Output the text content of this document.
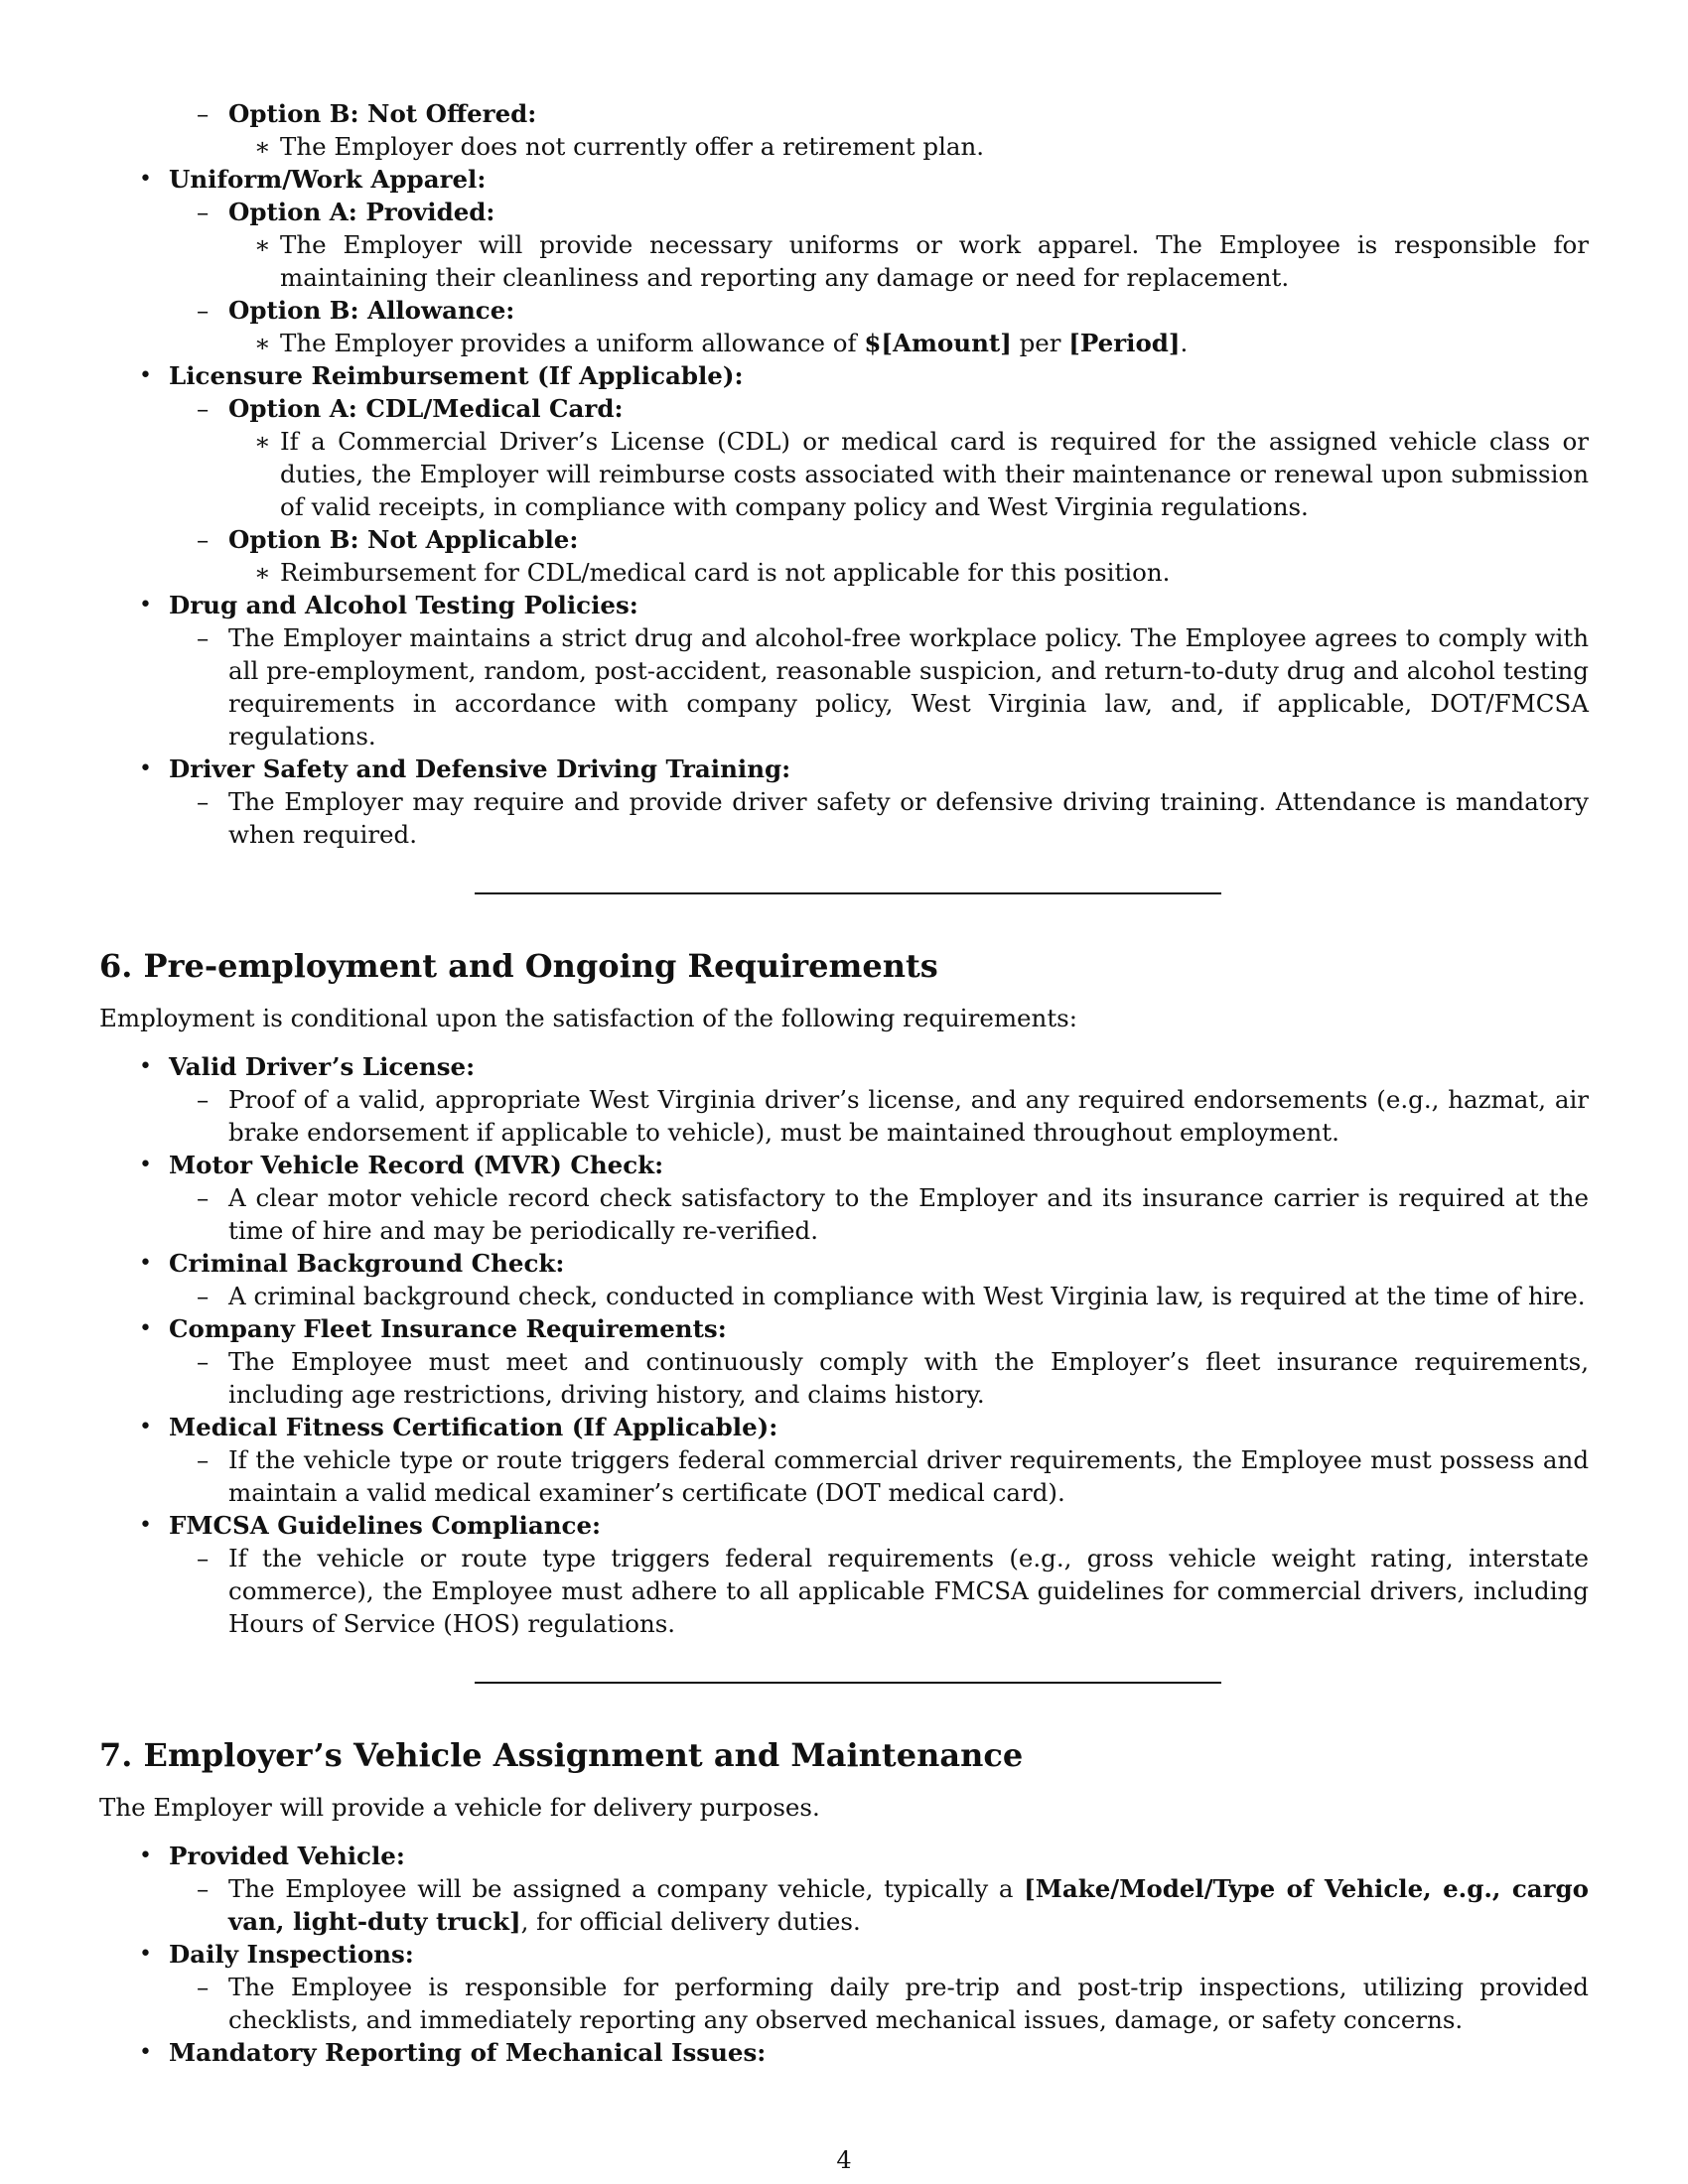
– Option B: Not Offered:
∗ The Employer does not currently offer a retirement plan.
• Uniform/Work Apparel:
– Option A: Provided:
∗ The Employer will provide necessary uniforms or work apparel. The Employee is responsible for maintaining their cleanliness and reporting any damage or need for replacement.
– Option B: Allowance:
∗ The Employer provides a uniform allowance of $[Amount] per [Period].
• Licensure Reimbursement (If Applicable):
– Option A: CDL/Medical Card:
∗ If a Commercial Driver’s License (CDL) or medical card is required for the assigned vehicle class or duties, the Employer will reimburse costs associated with their maintenance or renewal upon submission of valid receipts, in compliance with company policy and West Virginia regulations.
– Option B: Not Applicable:
∗ Reimbursement for CDL/medical card is not applicable for this position.
• Drug and Alcohol Testing Policies:
– The Employer maintains a strict drug and alcohol-free workplace policy. The Employee agrees to comply with all pre-employment, random, post-accident, reasonable suspicion, and return-to-duty drug and alcohol testing requirements in accordance with company policy, West Virginia law, and, if applicable, DOT/FMCSA regulations.
• Driver Safety and Defensive Driving Training:
– The Employer may require and provide driver safety or defensive driving training. Attendance is mandatory when required.
6. Pre-employment and Ongoing Requirements
Employment is conditional upon the satisfaction of the following requirements:
• Valid Driver’s License:
– Proof of a valid, appropriate West Virginia driver’s license, and any required endorsements (e.g., hazmat, air brake endorsement if applicable to vehicle), must be maintained throughout employment.
• Motor Vehicle Record (MVR) Check:
– A clear motor vehicle record check satisfactory to the Employer and its insurance carrier is required at the time of hire and may be periodically re-verified.
• Criminal Background Check:
– A criminal background check, conducted in compliance with West Virginia law, is required at the time of hire.
• Company Fleet Insurance Requirements:
– The Employee must meet and continuously comply with the Employer’s fleet insurance requirements, including age restrictions, driving history, and claims history.
• Medical Fitness Certification (If Applicable):
– If the vehicle type or route triggers federal commercial driver requirements, the Employee must possess and maintain a valid medical examiner’s certificate (DOT medical card).
• FMCSA Guidelines Compliance:
– If the vehicle or route type triggers federal requirements (e.g., gross vehicle weight rating, interstate commerce), the Employee must adhere to all applicable FMCSA guidelines for commercial drivers, including Hours of Service (HOS) regulations.
7. Employer’s Vehicle Assignment and Maintenance
The Employer will provide a vehicle for delivery purposes.
• Provided Vehicle:
– The Employee will be assigned a company vehicle, typically a [Make/Model/Type of Vehicle, e.g., cargo van, light-duty truck], for official delivery duties.
• Daily Inspections:
– The Employee is responsible for performing daily pre-trip and post-trip inspections, utilizing provided checklists, and immediately reporting any observed mechanical issues, damage, or safety concerns.
• Mandatory Reporting of Mechanical Issues:
4
